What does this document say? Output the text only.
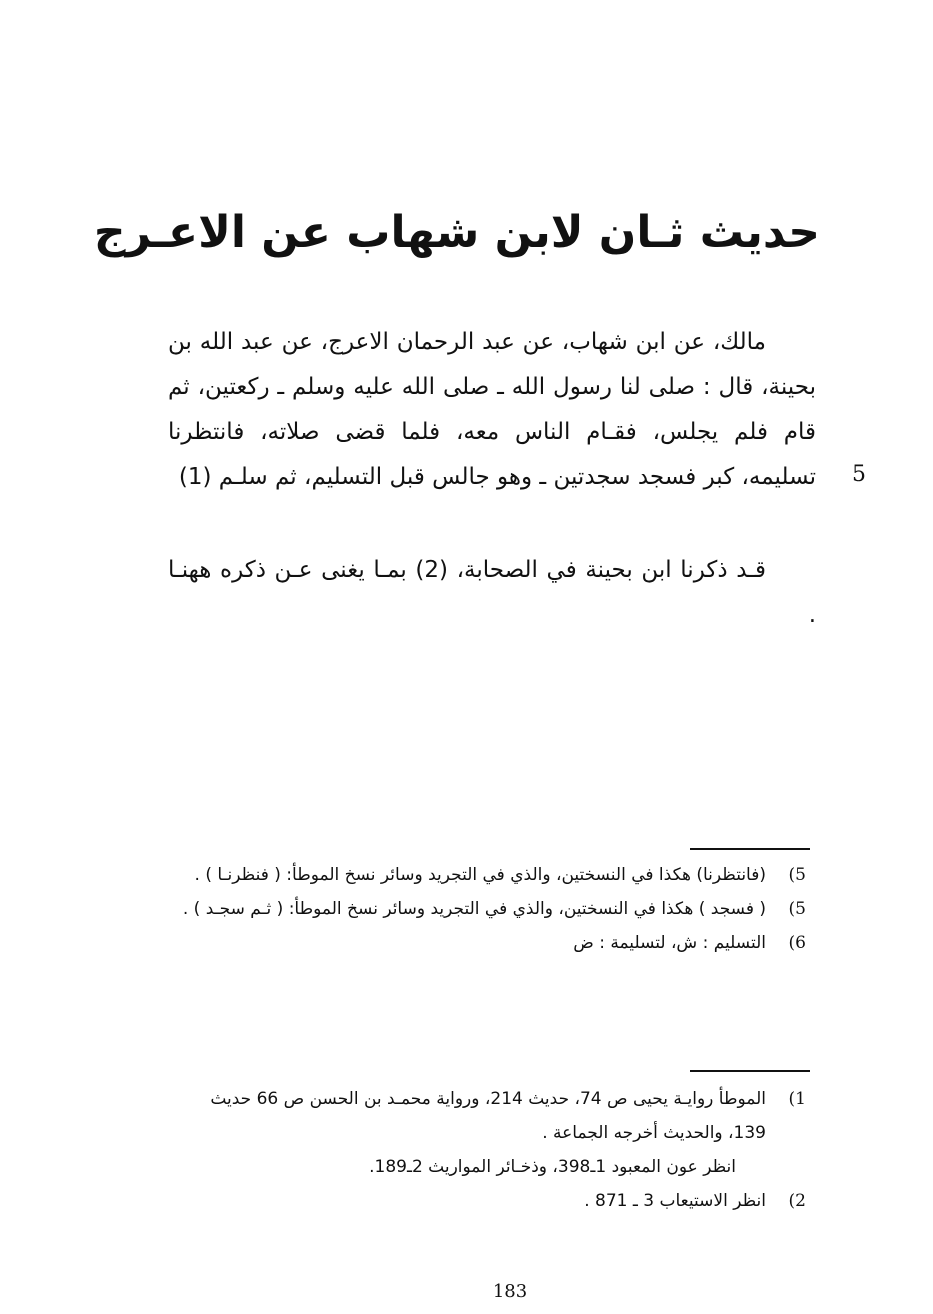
حديث ثـان لابن شهاب عن الاعـرج
مالك، عن ابن شهاب، عن عبد الرحمان الاعرج، عن عبد الله بن بحينة، قال : صلى لنا رسول الله ـ صلى الله عليه وسلم ـ ركعتين، ثم قام فلم يجلس، فقـام الناس معه، فلما قضى صلاته، فانتظرنا تسليمه، كبر فسجد سجدتين ـ وهو جالس قبل التسليم، ثم سلـم (1) 5
قـد ذكرنا ابن بحينة في الصحابة، (2) بمـا يغنى عـن ذكره ههنـا .
5)
(فانتظرنا) هكذا في النسختين، والذي في التجريد وسائر نسخ الموطأ: ( فنظرنـا ) .
5)
( فسجد ) هكذا في النسختين، والذي في التجريد وسائر نسخ الموطأ: ( ثـم سجـد ) .
6)
التسليم : ش، لتسليمة : ض
1)
الموطأ روايـة يحيى ص 74، حديث 214، ورواية محمـد بن الحسن ص 66 حديث 139، والحديث أخرجه الجماعة .
انظر عون المعبود 1ـ398، وذخـائر المواريث 2ـ189.
2)
انظر الاستيعاب 3 ـ 871 .
183
